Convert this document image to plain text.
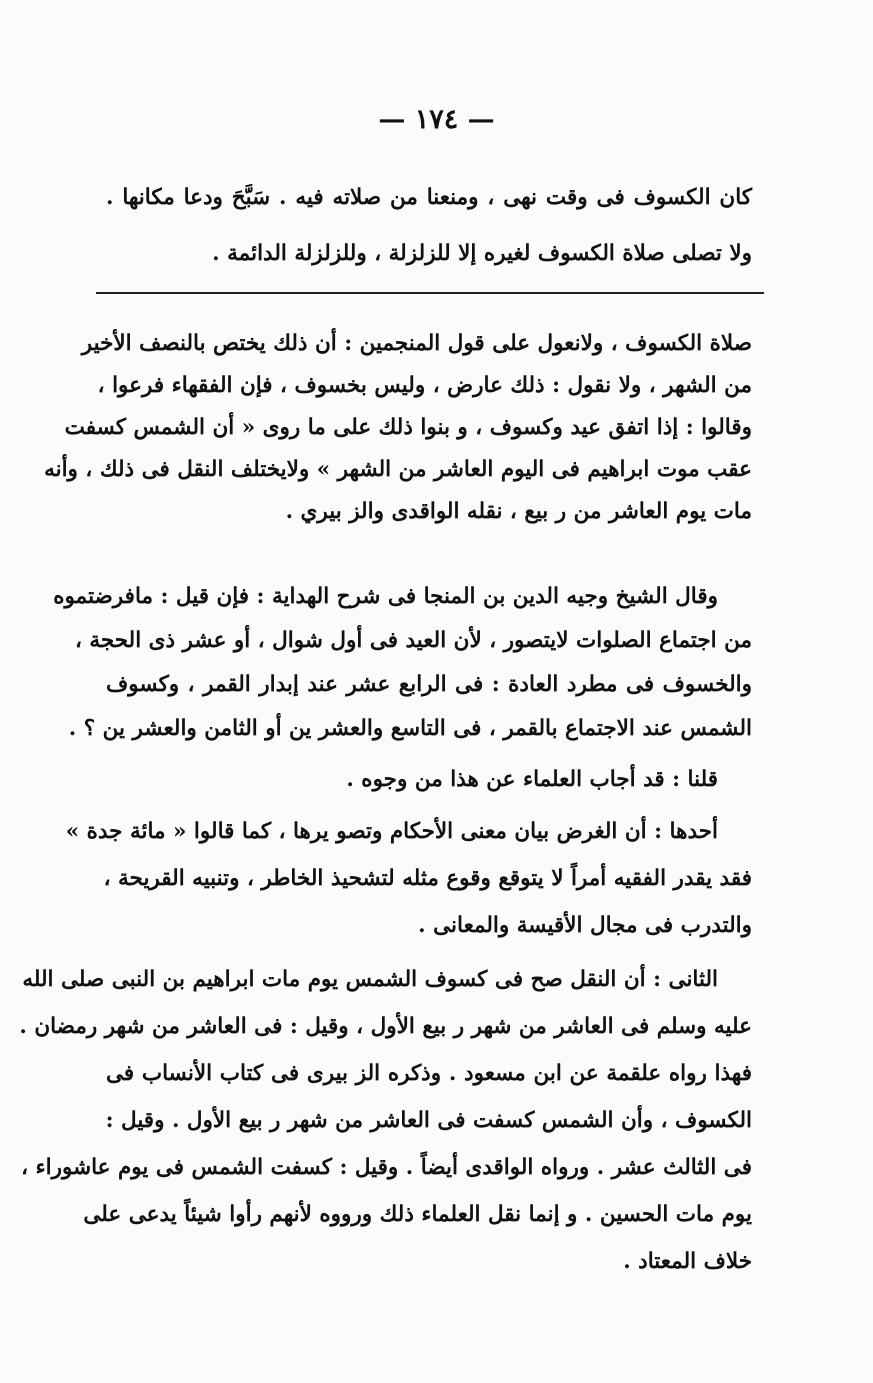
— ١٧٤ —
كان الكسوف فى وقت نهى ، ومنعنا من صلاته فيه . سَبَّحَ ودعا مكانها .
ولا تصلى صلاة الكسوف لغيره إلا للزلزلة ، وللزلزلة الدائمة .
صلاة الكسوف ، ولانعول على قول المنجمين : أن ذلك يختص بالنصف الأخير
من الشهر ، ولا نقول : ذلك عارض ، وليس بخسوف ، فإن الفقهاء فرعوا ،
وقالوا : إذا اتفق عيد وكسوف ، و بنوا ذلك على ما روى « أن الشمس كسفت
عقب موت ابراهيم فى اليوم العاشر من الشهر » ولايختلف النقل فى ذلك ، وأنه
مات يوم العاشر من ر بيع ، نقله الواقدى والز بيري .
وقال الشيخ وجيه الدين بن المنجا فى شرح الهداية : فإن قيل : مافرضتموه
من اجتماع الصلوات لايتصور ، لأن العيد فى أول شوال ، أو عشر ذى الحجة ،
والخسوف فى مطرد العادة : فى الرابع عشر عند إبدار القمر ، وكسوف
الشمس عند الاجتماع بالقمر ، فى التاسع والعشر ين أو الثامن والعشر ين ؟ .
قلنا : قد أجاب العلماء عن هذا من وجوه .
أحدها : أن الغرض بيان معنى الأحكام وتصو يرها ، كما قالوا « مائة جدة »
فقد يقدر الفقيه أمراً لا يتوقع وقوع مثله لتشحيذ الخاطر ، وتنبيه القريحة ،
والتدرب فى مجال الأقيسة والمعانى .
الثانى : أن النقل صح فى كسوف الشمس يوم مات ابراهيم بن النبى صلى الله
عليه وسلم فى العاشر من شهر ر بيع الأول ، وقيل : فى العاشر من شهر رمضان .
فهذا رواه علقمة عن ابن مسعود . وذكره الز بيرى فى كتاب الأنساب فى
الكسوف ، وأن الشمس كسفت فى العاشر من شهر ر بيع الأول . وقيل :
فى الثالث عشر . ورواه الواقدى أيضاً . وقيل : كسفت الشمس فى يوم عاشوراء ،
يوم مات الحسين . و إنما نقل العلماء ذلك ورووه لأنهم رأوا شيئاً يدعى على
خلاف المعتاد .
